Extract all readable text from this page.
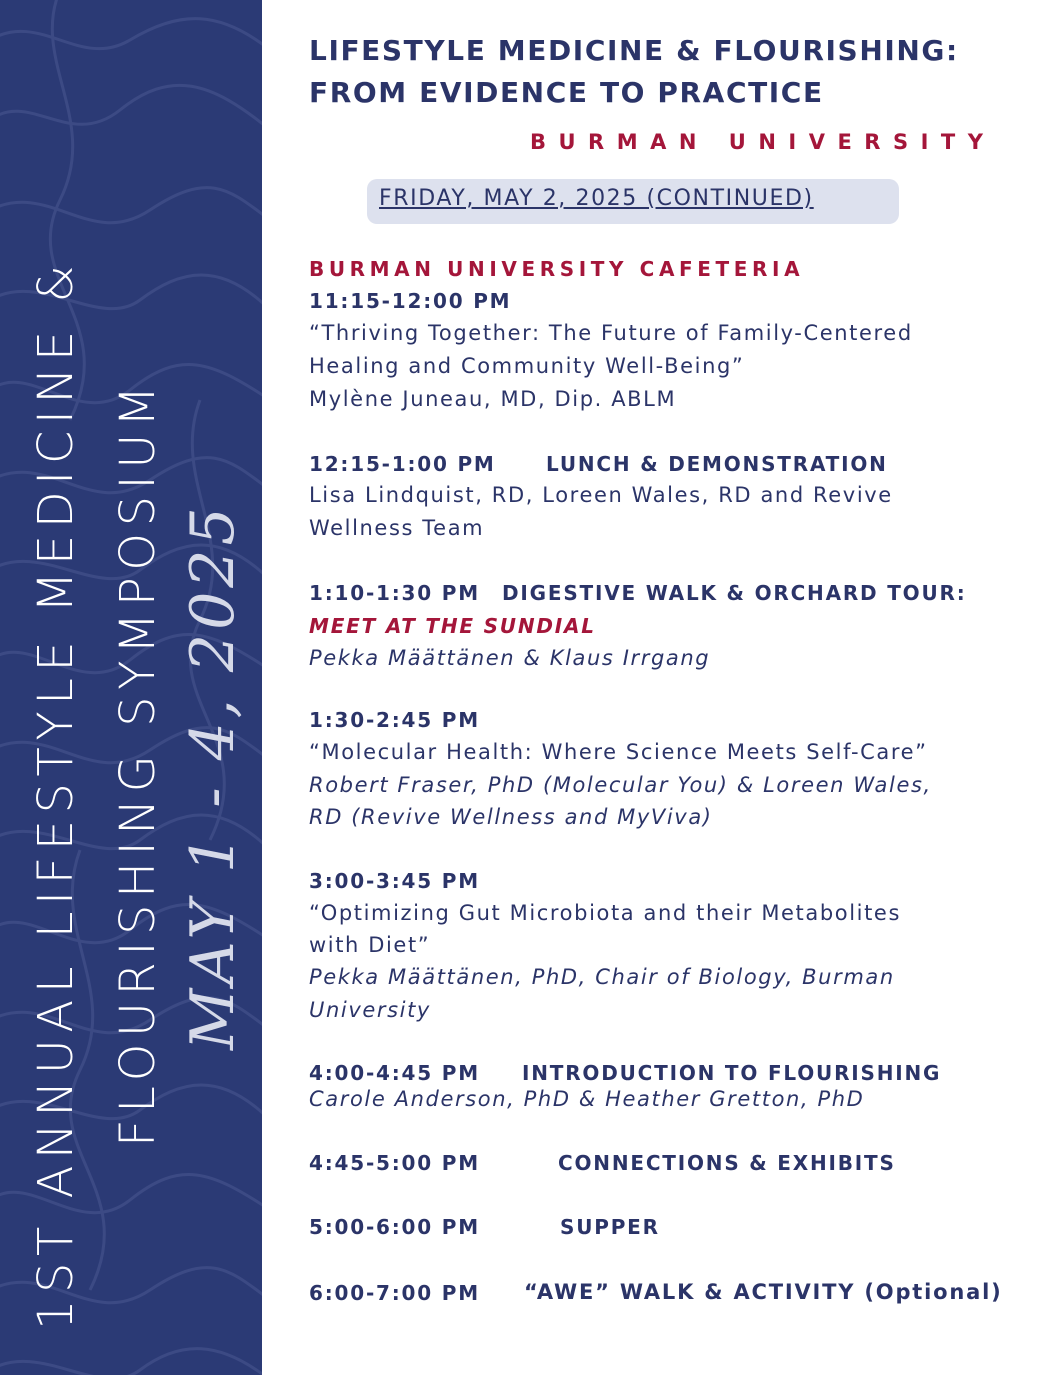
1ST ANNUAL LIFESTYLE MEDICINE & FLOURISHING SYMPOSIUM MAY 1 - 4, 2025
LIFESTYLE MEDICINE & FLOURISHING:
FROM EVIDENCE TO PRACTICE
BURMAN UNIVERSITY
FRIDAY, MAY 2, 2025 (CONTINUED)
BURMAN UNIVERSITY CAFETERIA
11:15-12:00 PM
“Thriving Together: The Future of Family-Centered
Healing and Community Well-Being”
Mylène Juneau, MD, Dip. ABLM
12:15-1:00 PM	LUNCH & DEMONSTRATION
Lisa Lindquist, RD, Loreen Wales, RD and Revive
Wellness Team
1:10-1:30 PM DIGESTIVE WALK & ORCHARD TOUR:
MEET AT THE SUNDIAL
Pekka Määttänen & Klaus Irrgang
1:30-2:45 PM
“Molecular Health: Where Science Meets Self-Care”
Robert Fraser, PhD (Molecular You) & Loreen Wales,
RD (Revive Wellness and MyViva)
3:00-3:45 PM
“Optimizing Gut Microbiota and their Metabolites
with Diet”
Pekka Määttänen, PhD, Chair of Biology, Burman
University
4:00-4:45 PM INTRODUCTION TO FLOURISHING
Carole Anderson, PhD & Heather Gretton, PhD
4:45-5:00 PM	CONNECTIONS & EXHIBITS
5:00-6:00 PM	SUPPER
6:00-7:00 PM “AWE” WALK & ACTIVITY (Optional)
